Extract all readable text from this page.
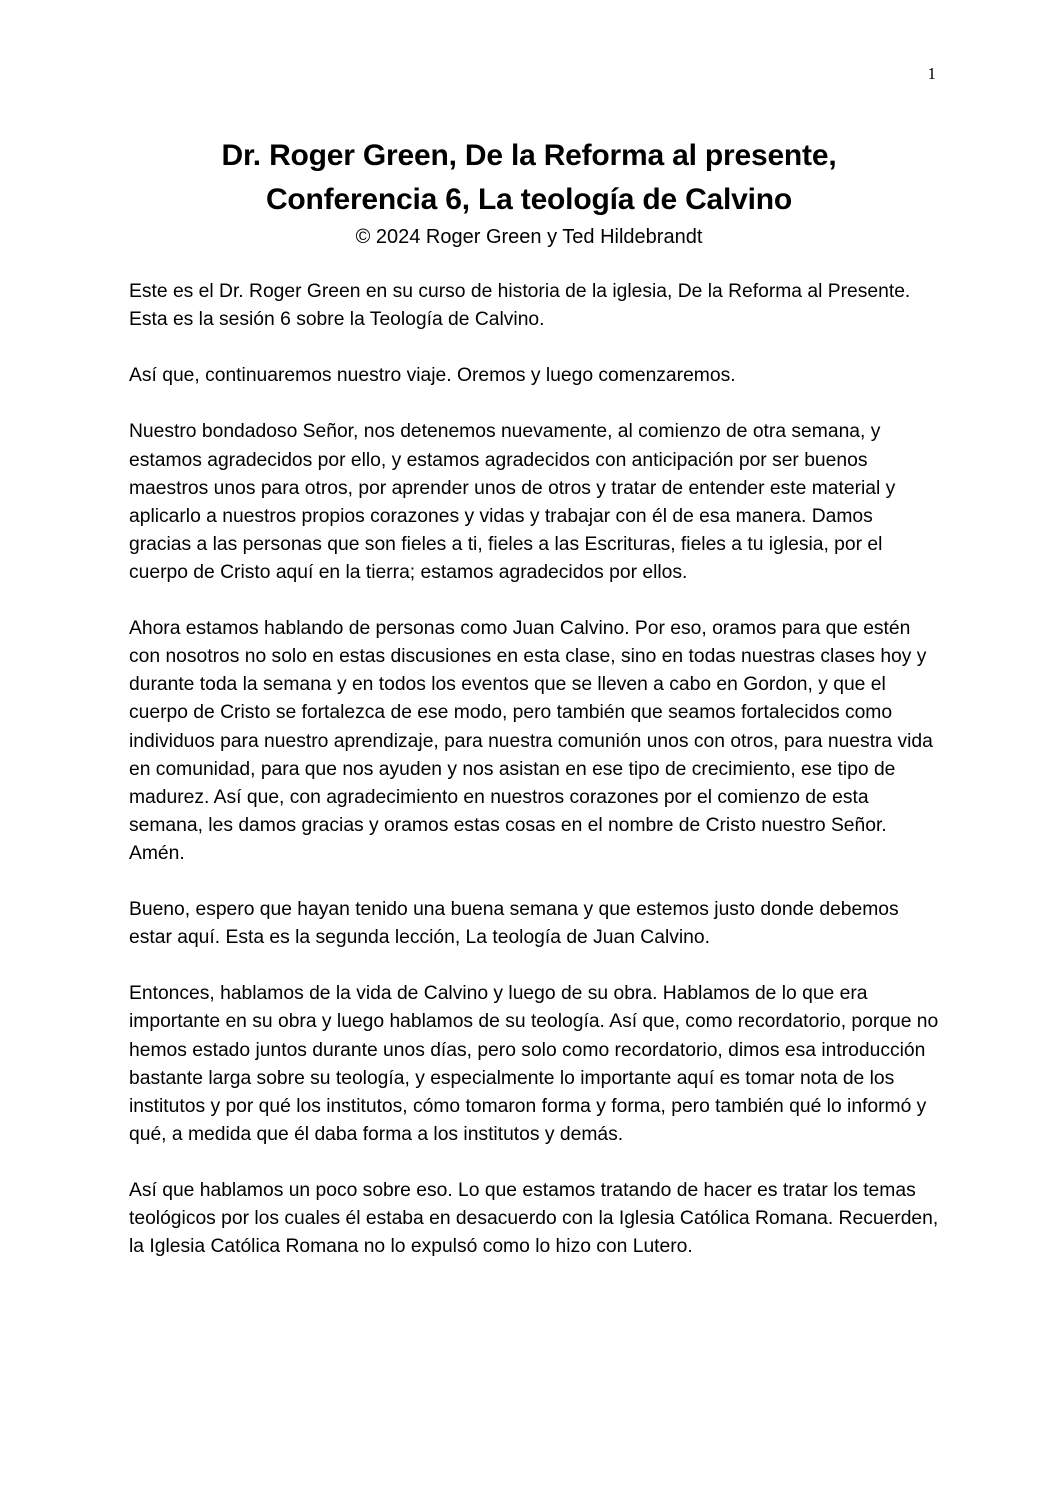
1
Dr. Roger Green, De la Reforma al presente,
Conferencia 6, La teología de Calvino
© 2024 Roger Green y Ted Hildebrandt

Este es el Dr. Roger Green en su curso de historia de la iglesia, De la Reforma al Presente. Esta es la sesión 6 sobre la Teología de Calvino.

Así que, continuaremos nuestro viaje. Oremos y luego comenzaremos.

Nuestro bondadoso Señor, nos detenemos nuevamente, al comienzo de otra semana, y estamos agradecidos por ello, y estamos agradecidos con anticipación por ser buenos maestros unos para otros, por aprender unos de otros y tratar de entender este material y aplicarlo a nuestros propios corazones y vidas y trabajar con él de esa manera. Damos gracias a las personas que son fieles a ti, fieles a las Escrituras, fieles a tu iglesia, por el cuerpo de Cristo aquí en la tierra; estamos agradecidos por ellos.

Ahora estamos hablando de personas como Juan Calvino. Por eso, oramos para que estén con nosotros no solo en estas discusiones en esta clase, sino en todas nuestras clases hoy y durante toda la semana y en todos los eventos que se lleven a cabo en Gordon, y que el cuerpo de Cristo se fortalezca de ese modo, pero también que seamos fortalecidos como individuos para nuestro aprendizaje, para nuestra comunión unos con otros, para nuestra vida en comunidad, para que nos ayuden y nos asistan en ese tipo de crecimiento, ese tipo de madurez. Así que, con agradecimiento en nuestros corazones por el comienzo de esta semana, les damos gracias y oramos estas cosas en el nombre de Cristo nuestro Señor. Amén.

Bueno, espero que hayan tenido una buena semana y que estemos justo donde debemos estar aquí. Esta es la segunda lección, La teología de Juan Calvino.

Entonces, hablamos de la vida de Calvino y luego de su obra. Hablamos de lo que era importante en su obra y luego hablamos de su teología. Así que, como recordatorio, porque no hemos estado juntos durante unos días, pero solo como recordatorio, dimos esa introducción bastante larga sobre su teología, y especialmente lo importante aquí es tomar nota de los institutos y por qué los institutos, cómo tomaron forma y forma, pero también qué lo informó y qué, a medida que él daba forma a los institutos y demás.

Así que hablamos un poco sobre eso. Lo que estamos tratando de hacer es tratar los temas teológicos por los cuales él estaba en desacuerdo con la Iglesia Católica Romana. Recuerden, la Iglesia Católica Romana no lo expulsó como lo hizo con Lutero.
